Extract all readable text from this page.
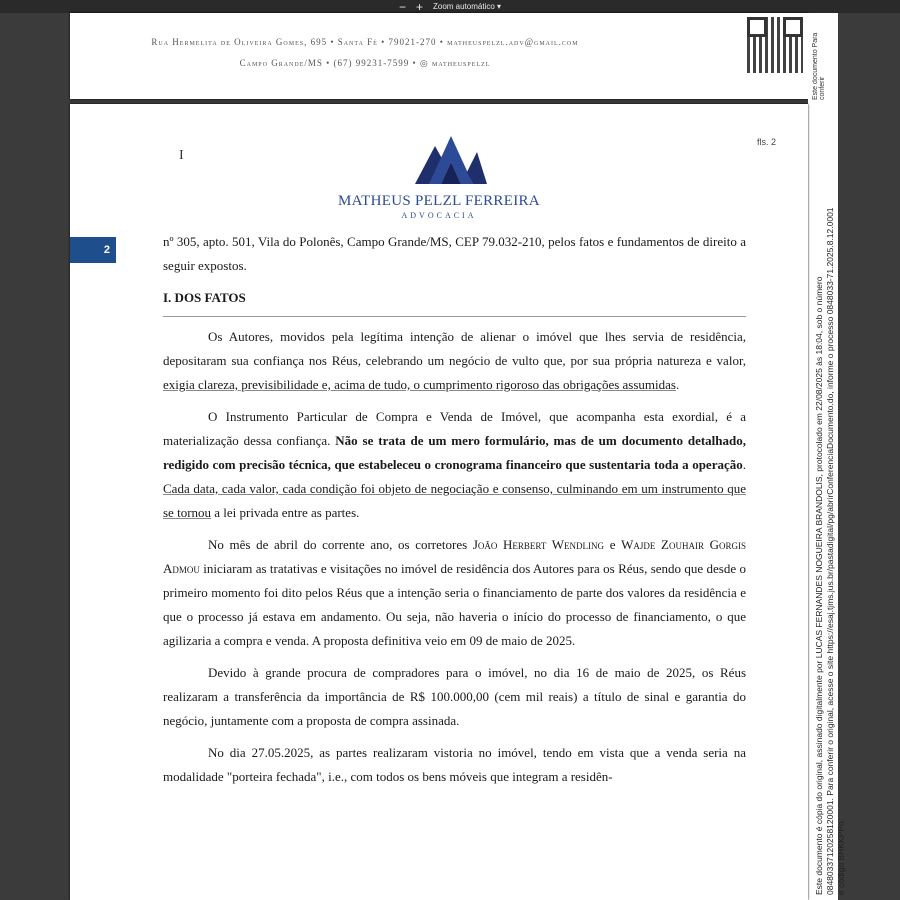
− + Zoom automático ▾
Rua Hermelita de Oliveira Gomes, 695 • Santa Fé • 79021-270 • matheuspelzl.adv@gmail.com
Campo Grande/MS • (67) 99231-7599 • ◎ matheuspelzl	Este documento Para conferir
Este documento é cópia do original, assinado digitalmente por LUCAS FERNANDES NOGUEIRA BRANDOLIS, protocolado em 22/08/2025 às 18:04, sob o número 08480337120258120001. Para conferir o original, acesse o site https://esaj.tjms.jus.br/pastadigital/pg/abrirConferenciaDocumento.do, informe o processo 0848033-71.2025.8.12.0001 e código BHKKPPo.
fls. 2
I
MATHEUS PELZL FERREIRA
ADVOCACIA
2

nº 305, apto. 501, Vila do Polonês, Campo Grande/MS, CEP 79.032-210, pelos fatos e fundamentos de direito a seguir expostos.

I. DOS FATOS

Os Autores, movidos pela legítima intenção de alienar o imóvel que lhes servia de residência, depositaram sua confiança nos Réus, celebrando um negócio de vulto que, por sua própria natureza e valor, exigia clareza, previsibilidade e, acima de tudo, o cumprimento rigoroso das obrigações assumidas.

O Instrumento Particular de Compra e Venda de Imóvel, que acompanha esta exordial, é a materialização dessa confiança. Não se trata de um mero formulário, mas de um documento detalhado, redigido com precisão técnica, que estabeleceu o cronograma financeiro que sustentaria toda a operação. Cada data, cada valor, cada condição foi objeto de negociação e consenso, culminando em um instrumento que se tornou a lei privada entre as partes.

No mês de abril do corrente ano, os corretores João Herbert Wendling e Wajde Zouhair Gorgis Admou iniciaram as tratativas e visitações no imóvel de residência dos Autores para os Réus, sendo que desde o primeiro momento foi dito pelos Réus que a intenção seria o financiamento de parte dos valores da residência e que o processo já estava em andamento. Ou seja, não haveria o início do processo de financiamento, o que agilizaria a compra e venda. A proposta definitiva veio em 09 de maio de 2025.

Devido à grande procura de compradores para o imóvel, no dia 16 de maio de 2025, os Réus realizaram a transferência da importância de R$ 100.000,00 (cem mil reais) a título de sinal e garantia do negócio, juntamente com a proposta de compra assinada.

No dia 27.05.2025, as partes realizaram vistoria no imóvel, tendo em vista que a venda seria na modalidade "porteira fechada", i.e., com todos os bens móveis que integram a residên-
